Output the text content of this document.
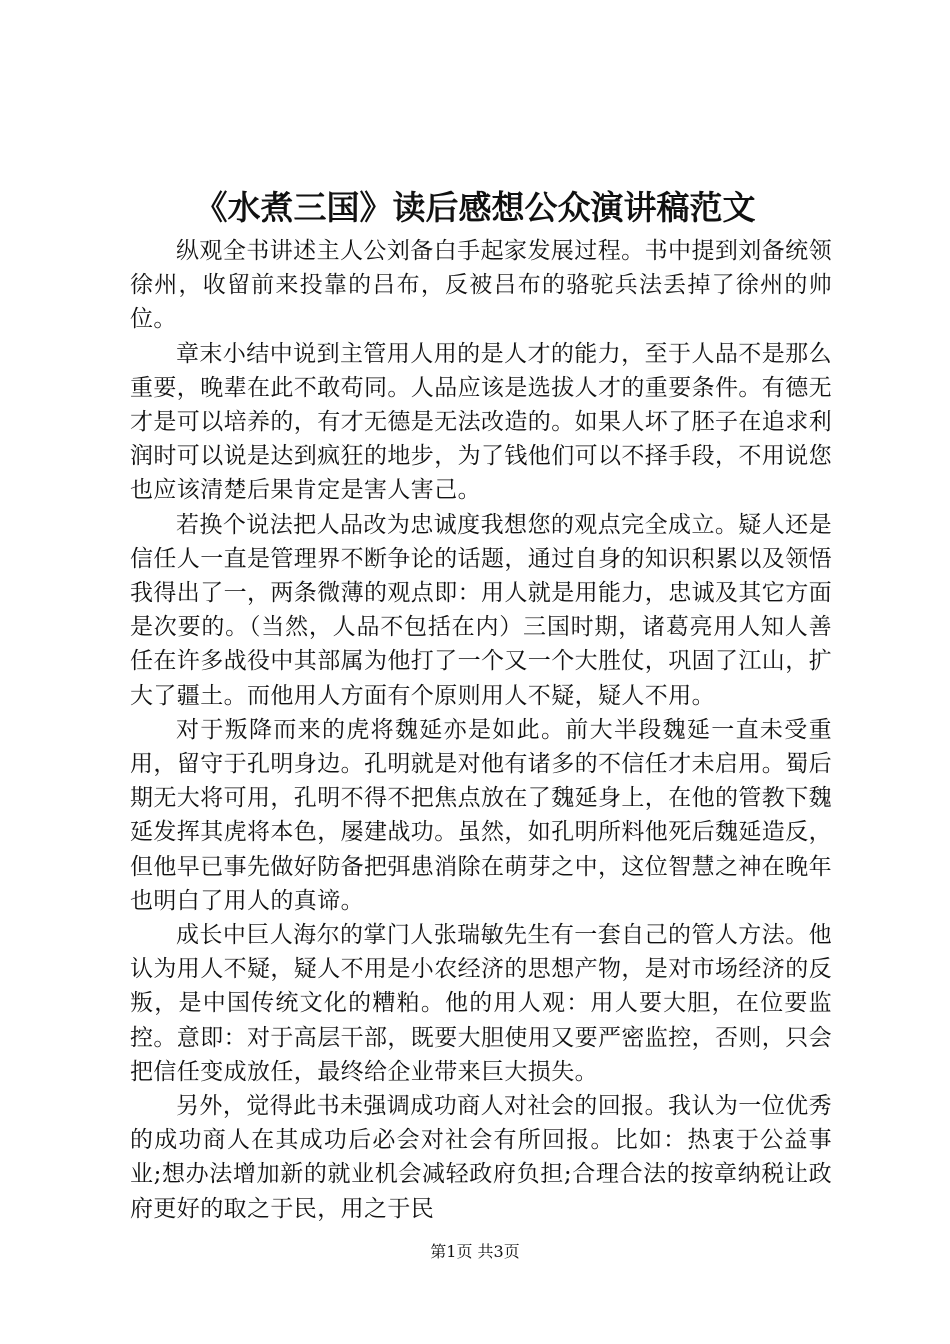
《水煮三国》读后感想公众演讲稿范文

纵观全书讲述主人公刘备白手起家发展过程。书中提到刘备统领徐州，收留前来投靠的吕布，反被吕布的骆驼兵法丢掉了徐州的帅位。

章末小结中说到主管用人用的是人才的能力，至于人品不是那么重要，晚辈在此不敢苟同。人品应该是选拔人才的重要条件。有德无才是可以培养的，有才无德是无法改造的。如果人坏了胚子在追求利润时可以说是达到疯狂的地步，为了钱他们可以不择手段，不用说您也应该清楚后果肯定是害人害己。

若换个说法把人品改为忠诚度我想您的观点完全成立。疑人还是信任人一直是管理界不断争论的话题，通过自身的知识积累以及领悟我得出了一，两条微薄的观点即：用人就是用能力，忠诚及其它方面是次要的。（当然，人品不包括在内）三国时期，诸葛亮用人知人善任在许多战役中其部属为他打了一个又一个大胜仗，巩固了江山，扩大了疆土。而他用人方面有个原则用人不疑，疑人不用。

对于叛降而来的虎将魏延亦是如此。前大半段魏延一直未受重用，留守于孔明身边。孔明就是对他有诸多的不信任才未启用。蜀后期无大将可用，孔明不得不把焦点放在了魏延身上，在他的管教下魏延发挥其虎将本色，屡建战功。虽然，如孔明所料他死后魏延造反，但他早已事先做好防备把弭患消除在萌芽之中，这位智慧之神在晚年也明白了用人的真谛。

成长中巨人海尔的掌门人张瑞敏先生有一套自己的管人方法。他认为用人不疑，疑人不用是小农经济的思想产物，是对市场经济的反叛，是中国传统文化的糟粕。他的用人观：用人要大胆，在位要监控。意即：对于高层干部，既要大胆使用又要严密监控，否则，只会把信任变成放任，最终给企业带来巨大损失。

另外，觉得此书未强调成功商人对社会的回报。我认为一位优秀的成功商人在其成功后必会对社会有所回报。比如：热衷于公益事业;想办法增加新的就业机会减轻政府负担;合理合法的按章纳税让政府更好的取之于民，用之于民

第1页 共3页
